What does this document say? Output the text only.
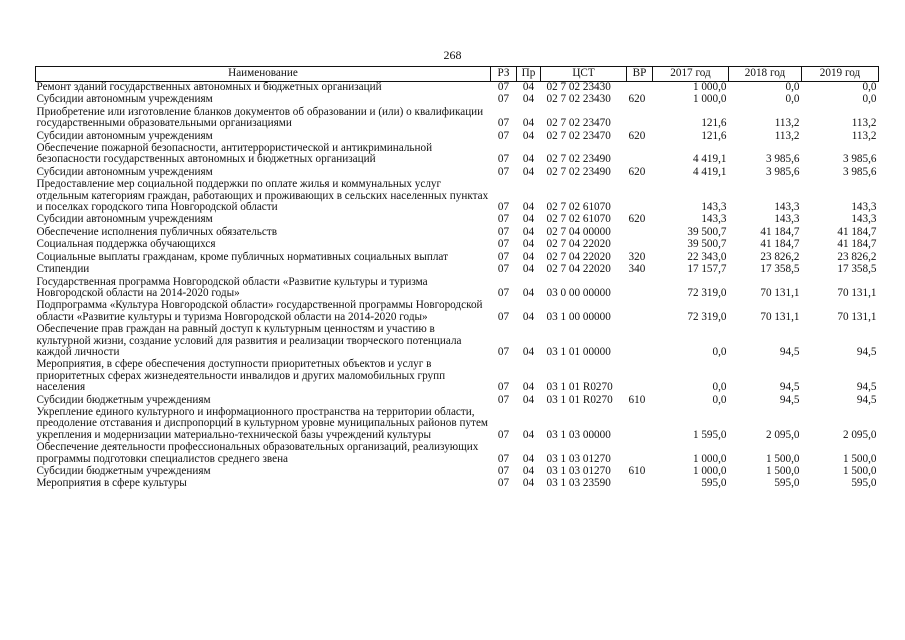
268
Наименование	РЗ	Пр	ЦСТ	ВР	2017 год	2018 год	2019 год
Ремонт зданий государственных автономных и бюджетных организаций	07	04	02 7 02 23430		1 000,0	0,0	0,0
Субсидии автономным учреждениям	07	04	02 7 02 23430	620	1 000,0	0,0	0,0
Приобретение или изготовление бланков документов об образовании и (или) о квалификации государственными образовательными организациями	07	04	02 7 02 23470		121,6	113,2	113,2
Субсидии автономным учреждениям	07	04	02 7 02 23470	620	121,6	113,2	113,2
Обеспечение пожарной безопасности, антитеррористической и антикриминальной безопасности государственных автономных и бюджетных организаций	07	04	02 7 02 23490		4 419,1	3 985,6	3 985,6
Субсидии автономным учреждениям	07	04	02 7 02 23490	620	4 419,1	3 985,6	3 985,6
Предоставление мер социальной поддержки по оплате жилья и коммунальных услуг отдельным категориям граждан, работающих и проживающих в сельских населенных пунктах и поселках городского типа Новгородской области	07	04	02 7 02 61070		143,3	143,3	143,3
Субсидии автономным учреждениям	07	04	02 7 02 61070	620	143,3	143,3	143,3
Обеспечение исполнения публичных обязательств	07	04	02 7 04 00000		39 500,7	41 184,7	41 184,7
Социальная поддержка обучающихся	07	04	02 7 04 22020		39 500,7	41 184,7	41 184,7
Социальные выплаты гражданам, кроме публичных нормативных социальных выплат	07	04	02 7 04 22020	320	22 343,0	23 826,2	23 826,2
Стипендии	07	04	02 7 04 22020	340	17 157,7	17 358,5	17 358,5
Государственная программа Новгородской области «Развитие культуры и туризма Новгородской области на 2014-2020 годы»	07	04	03 0 00 00000		72 319,0	70 131,1	70 131,1
Подпрограмма «Культура Новгородской области» государственной программы Новгородской области «Развитие культуры и туризма Новгородской области на 2014-2020 годы»	07	04	03 1 00 00000		72 319,0	70 131,1	70 131,1
Обеспечение прав граждан на равный доступ к культурным ценностям и участию в культурной жизни, создание условий для развития и реализации творческого потенциала каждой личности	07	04	03 1 01 00000		0,0	94,5	94,5
Мероприятия, в сфере обеспечения доступности приоритетных объектов и услуг в приоритетных сферах жизнедеятельности инвалидов и других маломобильных групп населения	07	04	03 1 01 R0270		0,0	94,5	94,5
Субсидии бюджетным учреждениям	07	04	03 1 01 R0270	610	0,0	94,5	94,5
Укрепление единого культурного и информационного пространства на территории области, преодоление отставания и диспропорций в культурном уровне муниципальных районов путем укрепления и модернизации материально-технической базы учреждений культуры	07	04	03 1 03 00000		1 595,0	2 095,0	2 095,0
Обеспечение деятельности профессиональных образовательных организаций, реализующих программы подготовки специалистов среднего звена	07	04	03 1 03 01270		1 000,0	1 500,0	1 500,0
Субсидии бюджетным учреждениям	07	04	03 1 03 01270	610	1 000,0	1 500,0	1 500,0
Мероприятия в сфере культуры	07	04	03 1 03 23590		595,0	595,0	595,0
